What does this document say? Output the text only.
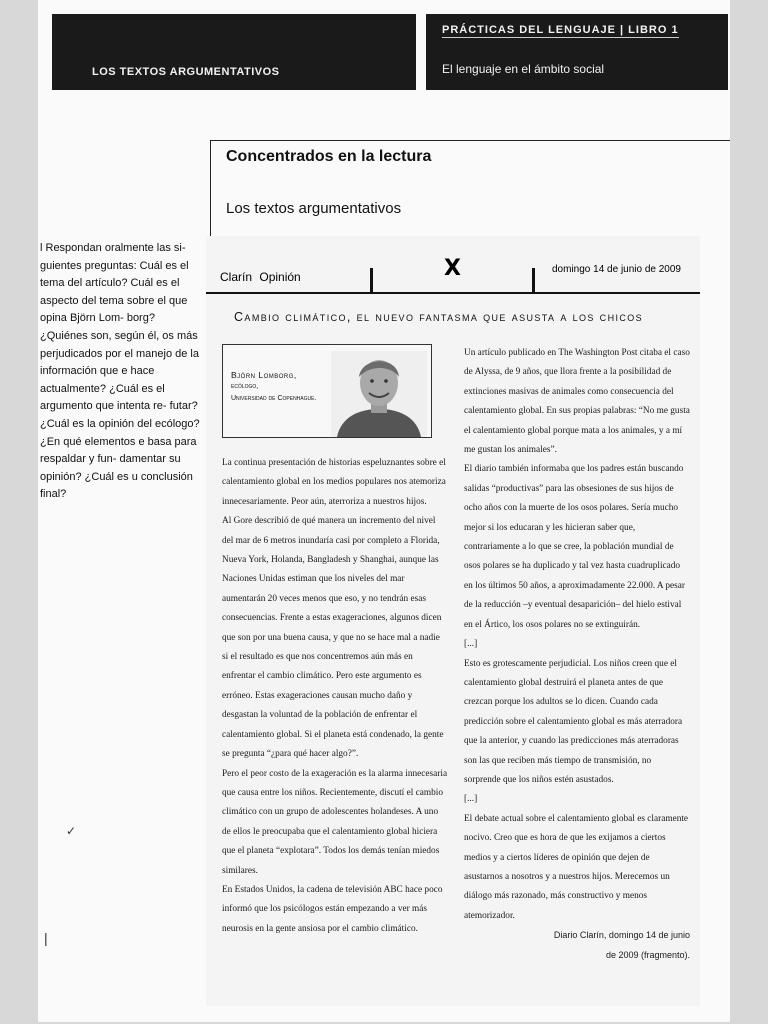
LOS TEXTOS ARGUMENTATIVOS
PRÁCTICAS DEL LENGUAJE | LIBRO 1
El lenguaje en el ámbito social
Concentrados en la lectura
Los textos argumentativos

l Respondan oralmente las si- guientes preguntas: Cuál es el tema del artículo? Cuál es el aspecto del tema sobre el que opina Björn Lom- borg? ¿Quiénes son, según él, os más perjudicados por el manejo de la información que e hace actualmente? ¿Cuál es el argumento que intenta re- futar? ¿Cuál es la opinión del ecólogo? ¿En qué elementos e basa para respaldar y fun- damentar su opinión? ¿Cuál es u conclusión final?

Clarín Opinión	X	domingo 14 de junio de 2009
Cambio climático, el nuevo fantasma que asusta a los chicos
Björn Lomborg,
ecólogo,
Universidad de Copenhague.

La continua presentación de historias espeluznantes sobre el calentamiento global en los medios populares nos atemoriza innecesariamente. Peor aún, aterroriza a nuestros hijos.

Al Gore describió de qué manera un incremento del nivel del mar de 6 metros inundaría casi por completo a Florida, Nueva York, Holanda, Bangladesh y Shanghai, aunque las Naciones Unidas estiman que los niveles del mar aumentarán 20 veces menos que eso, y no tendrán esas consecuencias. Frente a estas exageraciones, algunos dicen que son por una buena causa, y que no se hace mal a nadie si el resultado es que nos concentremos aún más en enfrentar el cambio climático. Pero este argumento es erróneo. Estas exageraciones causan mucho daño y desgastan la voluntad de la población de enfrentar el calentamiento global. Si el planeta está condenado, la gente se pregunta “¿para qué hacer algo?”.

Pero el peor costo de la exageración es la alarma innecesaria que causa entre los niños. Recientemente, discutí el cambio climático con un grupo de adolescentes holandeses. A uno de ellos le preocupaba que el calentamiento global hiciera que el planeta “explotara”. Todos los demás tenían miedos similares.

En Estados Unidos, la cadena de televisión ABC hace poco informó que los psicólogos están empezando a ver más neurosis en la gente ansiosa por el cambio climático.

Un artículo publicado en The Washington Post citaba el caso de Alyssa, de 9 años, que llora frente a la posibilidad de extinciones masivas de animales como consecuencia del calentamiento global. En sus propias palabras: “No me gusta el calentamiento global porque mata a los animales, y a mí me gustan los animales”.

El diario también informaba que los padres están buscando salidas “productivas” para las obsesiones de sus hijos de ocho años con la muerte de los osos polares. Sería mucho mejor si los educaran y les hicieran saber que, contrariamente a lo que se cree, la población mundial de osos polares se ha duplicado y tal vez hasta cuadruplicado en los últimos 50 años, a aproximadamente 22.000. A pesar de la reducción –y eventual desaparición– del hielo estival en el Ártico, los osos polares no se extinguirán.

[...]

Esto es grotescamente perjudicial. Los niños creen que el calentamiento global destruirá el planeta antes de que crezcan porque los adultos se lo dicen. Cuando cada predicción sobre el calentamiento global es más aterradora que la anterior, y cuando las predicciones más aterradoras son las que reciben más tiempo de transmisión, no sorprende que los niños estén asustados.

[...]

El debate actual sobre el calentamiento global es claramente nocivo. Creo que es hora de que les exijamos a ciertos medios y a ciertos líderes de opinión que dejen de asustarnos a nosotros y a nuestros hijos. Merecemos un diálogo más razonado, más constructivo y menos atemorizador.

Diario Clarín, domingo 14 de junio

de 2009 (fragmento).

✓
|
